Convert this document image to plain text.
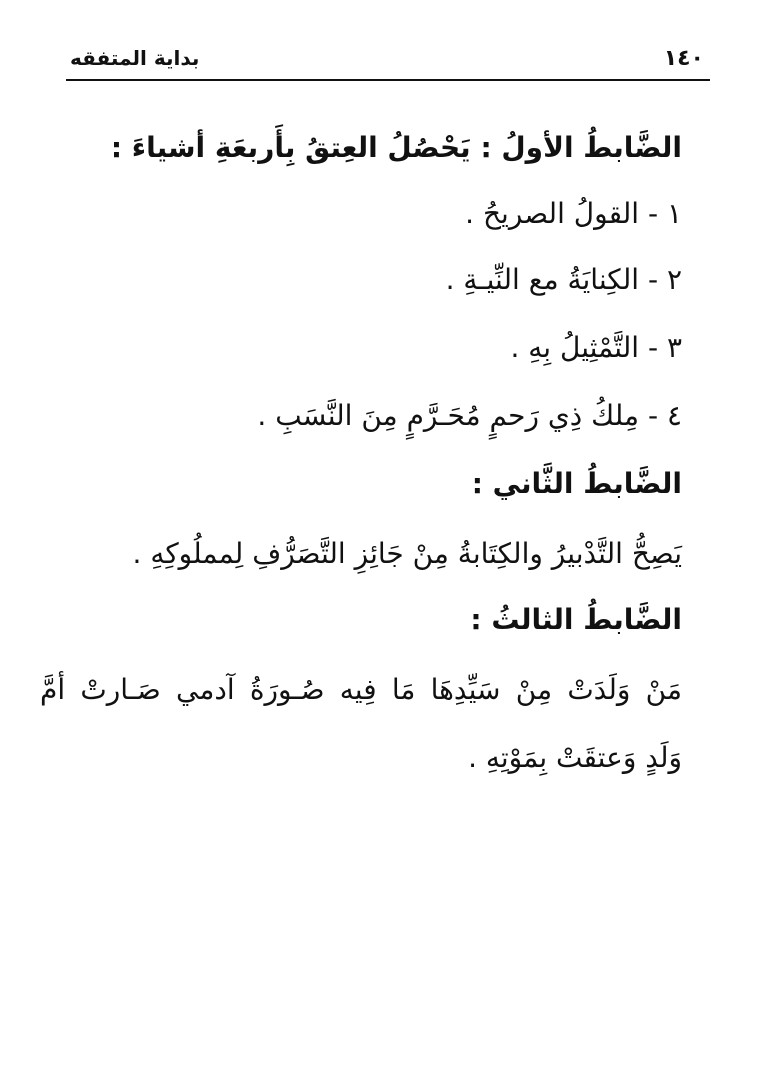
١٤٠
بداية المتفقه
الضَّابطُ الأولُ : يَحْصُلُ العِتقُ بِأَربعَةِ أشياءَ :
١ - القولُ الصريحُ .
٢ - الكِنايَةُ مع النِّيـةِ .
٣ - التَّمْثِيلُ بِهِ .
٤ - مِلكُ ذِي رَحمٍ مُحَـرَّمٍ مِنَ النَّسَبِ .
الضَّابطُ الثَّاني :
يَصِحُّ التَّدْبيرُ والكِتَابةُ مِنْ جَائِزِ التَّصَرُّفِ لِمملُوكِهِ .
الضَّابطُ الثالثُ :
مَنْ وَلَدَتْ مِنْ سَيِّدِهَا مَا فِيه صُـورَةُ آدمي صَـارتْ أمَّ
وَلَدٍ وَعتقَتْ بِمَوْتِهِ .
